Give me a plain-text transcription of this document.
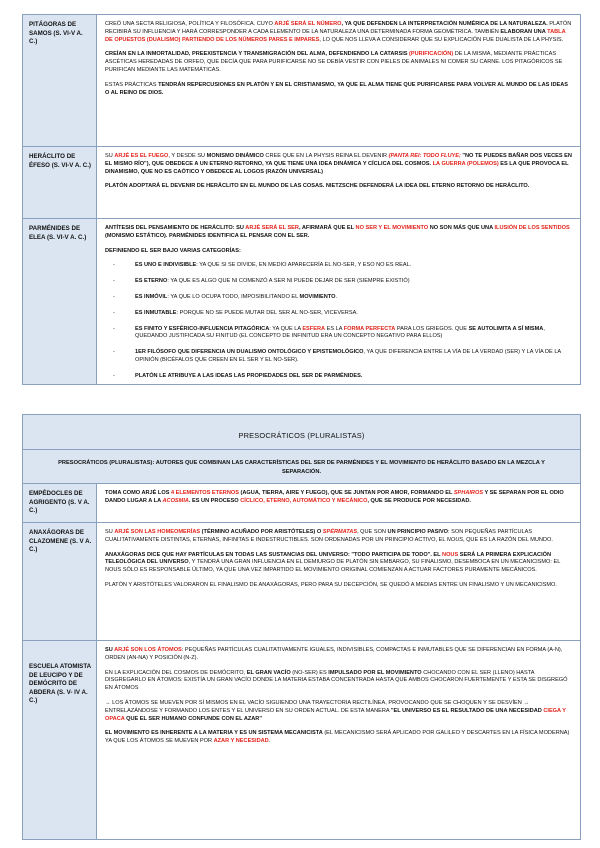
PITÁGORAS DE SAMOS (S. VI-V A. C.)

CREÓ UNA SECTA RELIGIOSA, POLÍTICA Y FILOSÓFICA. CUYO ARJÉ SERÁ EL NÚMERO, YA QUE DEFENDEN LA INTERPRETACIÓN NUMÉRICA DE LA NATURALEZA. PLATÓN RECIBIRÁ SU INFLUENCIA Y HARÁ CORRESPONDER A CADA ELEMENTO DE LA NATURALEZA UNA DETERMINADA FORMA GEOMÉTRICA. TAMBIÉN ELABORAN UNA TABLA DE OPUESTOS (DUALISMO) PARTIENDO DE LOS NÚMEROS PARES E IMPARES, LO QUE NOS LLEVA A CONSIDERAR QUE SU EXPLICACIÓN FUE DUALISTA DE LA PHYSIS.

CREÍAN EN LA INMORTALIDAD, PREEXISTENCIA Y TRANSMIGRACIÓN DEL ALMA, DEFENDIENDO LA CATARSIS (PURIFICACIÓN) DE LA MISMA, MEDIANTE PRÁCTICAS ASCÉTICAS HEREDADAS DE ORFEO, QUE DECÍA QUE PARA PURIFICARSE NO SE DEBÍA VESTIR CON PIELES DE ANIMALES NI COMER SU CARNE. LOS PITAGÓRICOS SE PURIFICAN MEDIANTE LAS MATEMÁTICAS.

ESTAS PRÁCTICAS TENDRÁN REPERCUSIONES EN PLATÓN Y EN EL CRISTIANISMO, YA QUE EL ALMA TIENE QUE PURIFICARSE PARA VOLVER AL MUNDO DE LAS IDEAS O AL REINO DE DIOS.

HERÁCLITO DE ÉFESO (S. VI-V A. C.)

SU ARJÉ ES EL FUEGO, Y DESDE SU MONISMO DINÁMICO CREE QUE EN LA PHYSIS REINA EL DEVENIR (PANTA REI: TODO FLUYE; "NO TE PUEDES BAÑAR DOS VECES EN EL MISMO RÍO"), QUE OBEDECE A UN ETERNO RETORNO, YA QUE TIENE UNA IDEA DINÁMICA Y CÍCLICA DEL COSMOS. LA GUERRA (POLEMOS) ES LA QUE PROVOCA EL DINAMISMO, QUE NO ES CAÓTICO Y OBEDECE AL LOGOS (RAZÓN UNIVERSAL)

PLATÓN ADOPTARÁ EL DEVENIR DE HERÁCLITO EN EL MUNDO DE LAS COSAS. NIETZSCHE DEFENDERÁ LA IDEA DEL ETERNO RETORNO DE HERÁCLITO.

PARMÉNIDES DE ELEA (S. VI-V A. C.)

ANTÍTESIS DEL PENSAMIENTO DE HERÁCLITO: SU ARJÉ SERÁ EL SER, AFIRMARÁ QUE EL NO SER Y EL MOVIMIENTO NO SON MÁS QUE UNA ILUSIÓN DE LOS SENTIDOS (MONISMO ESTÁTICO). PARMÉNIDES IDENTIFICA EL PENSAR CON EL SER.

DEFINIENDO EL SER BAJO VARIAS CATEGORÍAS:

- ES UNO E INDIVISIBLE: YA QUE SI SE DIVIDE, EN MEDIO APARECERÍA EL NO-SER, Y ESO NO ES REAL.
- ES ETERNO: YA QUE ES ALGO QUE NI COMENZÓ A SER NI PUEDE DEJAR DE SER (SIEMPRE EXISTIÓ)
- ES INMÓVIL: YA QUE LO OCUPA TODO, IMPOSIBILITANDO EL MOVIMIENTO.
- ES INMUTABLE: PORQUE NO SE PUEDE MUTAR DEL SER AL NO-SER, VICEVERSA.
- ES FINITO Y ESFÉRICO-INFLUENCIA PITAGÓRICA: YA QUE LA ESFERA ES LA FORMA PERFECTA PARA LOS GRIEGOS. QUE SE AUTOLIMITA A SÍ MISMA, QUEDANDO JUSTIFICADA SU FINITUD (EL CONCEPTO DE INFINITUD ERA UN CONCEPTO NEGATIVO PARA ELLOS)
- 1ER FILÓSOFO QUE DIFERENCIA UN DUALISMO ONTOLÓGICO Y EPISTEMOLÓGICO, YA QUE DIFERENCIA ENTRE LA VÍA DE LA VERDAD (SER) Y LA VÍA DE LA OPINIÓN (BICÉFALOS QUE CREEN EN EL SER Y EL NO-SER).
- PLATÓN LE ATRIBUYE A LAS IDEAS LAS PROPIEDADES DEL SER DE PARMÉNIDES.
PRESOCRÁTICOS (PLURALISTAS)
PRESOCRÁTICOS (PLURALISTAS): AUTORES QUE COMBINAN LAS CARACTERÍSTICAS DEL SER DE PARMÉNIDES Y EL MOVIMIENTO DE HERÁCLITO BASADO EN LA MEZCLA Y SEPARACIÓN.
EMPÉDOCLES DE AGRIGENTO (S. V A. C.)

TOMA COMO ARJÉ LOS 4 ELEMENTOS ETERNOS (AGUA, TIERRA, AIRE Y FUEGO), QUE SE JUNTAN POR AMOR, FORMANDO EL SPHAIROS Y SE SEPARAN POR EL ODIO DANDO LUGAR A LA ACOSMIA. ES UN PROCESO CÍCLICO, ETERNO, AUTOMÁTICO Y MECÁNICO, QUE SE PRODUCE POR NECESIDAD.

ANAXÁGORAS DE CLAZOMENE (S. V A. C.)

SU ARJÉ SON LAS HOMEOMERÍAS (TÉRMINO ACUÑADO POR ARISTÓTELES) O SPÉRMATAS, QUE SON UN PRINCIPIO PASIVO: SON PEQUEÑAS PARTÍCULAS CUALITATIVAMENTE DISTINTAS, ETERNAS, INFINITAS E INDESTRUCTIBLES. SON ORDENADAS POR UN PRINCIPIO ACTIVO, EL NOUS, QUE ES LA RAZÓN DEL MUNDO.

ANAXÁGORAS DICE QUE HAY PARTÍCULAS EN TODAS LAS SUSTANCIAS DEL UNIVERSO: "TODO PARTICIPA DE TODO". EL NOUS SERÁ LA PRIMERA EXPLICACIÓN TELEOLÓGICA DEL UNIVERSO, Y TENDRÁ UNA GRAN INFLUENCIA EN EL DEMIURGO DE PLATÓN SIN EMBARGO, SU FINALISMO, DESEMBOCA EN UN MECANICISMO: EL NOUS SÓLO ES RESPONSABLE ÚLTIMO, YA QUE UNA VEZ IMPARTIDO EL MOVIMIENTO ORIGINAL COMIENZAN A ACTUAR FACTORES PURAMENTE MECÁNICOS.

PLATÓN Y ARISTÓTELES VALORARON EL FINALISMO DE ANAXÁGORAS, PERO PARA SU DECEPCIÓN, SE QUEDÓ A MEDIAS ENTRE UN FINALISMO Y UN MECANICISMO.

ESCUELA ATOMISTA DE LEUCIPO Y DE DEMÓCRITO DE ABDERA (S. V- IV A. C.)

SU ARJÉ SON LOS ÁTOMOS: PEQUEÑAS PARTÍCULAS CUALITATIVAMENTE IGUALES, INDIVISIBLES, COMPACTAS E INMUTABLES QUE SE DIFERENCIAN EN FORMA (A-N), ORDEN (AN-NA) Y POSICIÓN (N-Z).

EN LA EXPLICACIÓN DEL COSMOS DE DEMÓCRITO, EL GRAN VACÍO (NO-SER) ES IMPULSADO POR EL MOVIMIENTO CHOCANDO CON EL SER (LLENO) HASTA DISGREGARLO EN ÁTOMOS: EXISTÍA UN GRAN VACÍO DONDE LA MATERIA ESTABA CONCENTRADA HASTA QUE AMBOS CHOCARON FUERTEMENTE Y ESTA SE DISGREGÓ EN ÁTOMOS

→ LOS ÁTOMOS SE MUEVEN POR SÍ MISMOS EN EL VACÍO SIGUIENDO UNA TRAYECTORIA RECTILÍNEA, PROVOCANDO QUE SE CHOQUEN Y SE DESVÍEN → ENTRELAZÁNDOSE Y FORMANDO LOS ENTES Y EL UNIVERSO EN SU ORDEN ACTUAL. DE ESTA MANERA "EL UNIVERSO ES EL RESULTADO DE UNA NECESIDAD CIEGA Y OPACA QUE EL SER HUMANO CONFUNDE CON EL AZAR"

EL MOVIMIENTO ES INHERENTE A LA MATERIA Y ES UN SISTEMA MECANICISTA (EL MECANICISMO SERÁ APLICADO POR GALILEO Y DESCARTES EN LA FÍSICA MODERNA) YA QUE LOS ÁTOMOS SE MUEVEN POR AZAR Y NECESIDAD.
